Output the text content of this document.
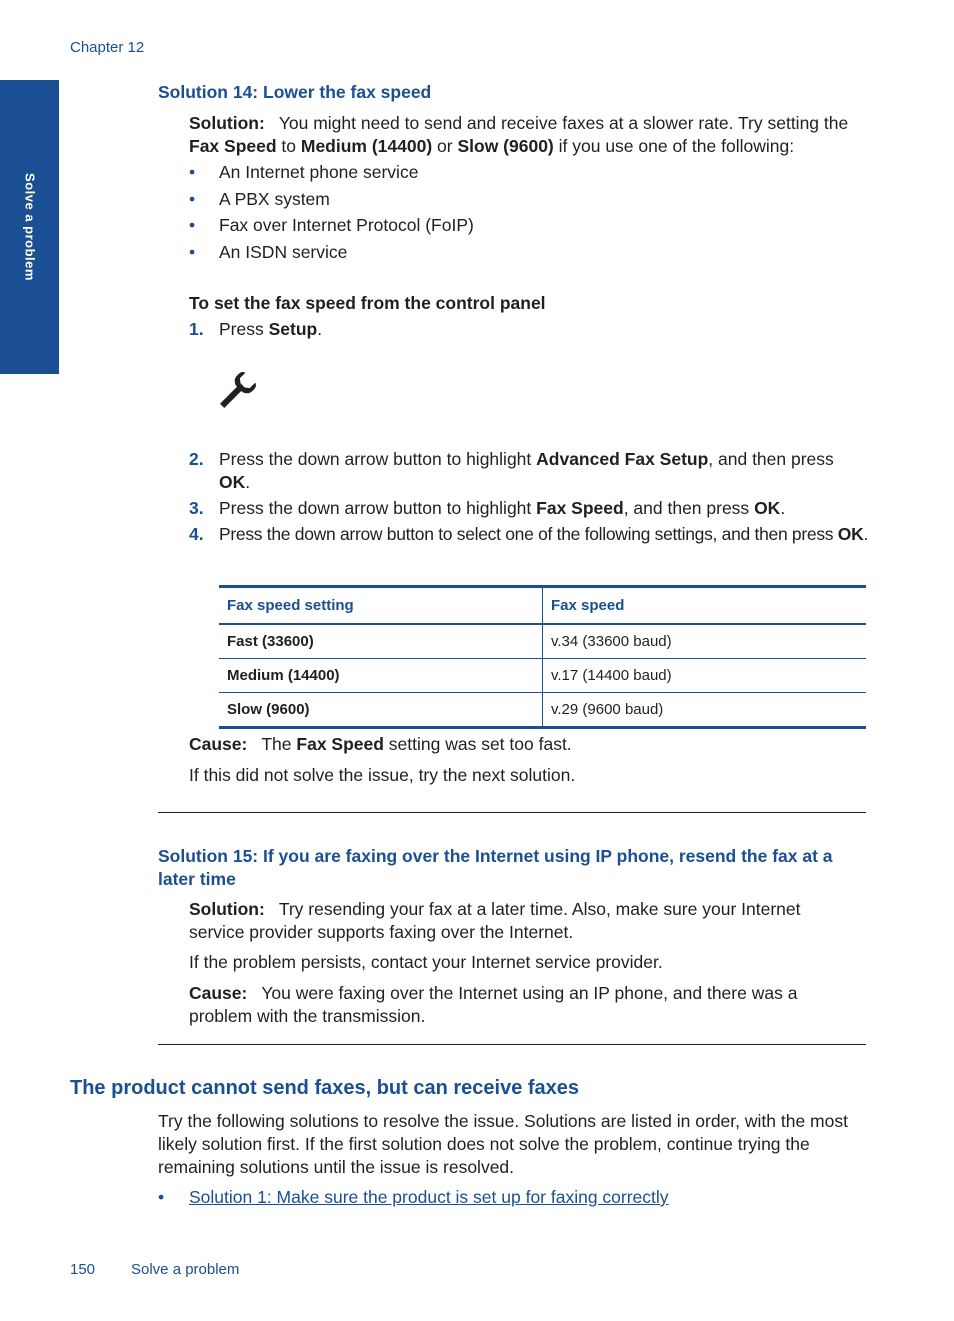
Chapter 12
Solve a problem
Solution 14: Lower the fax speed

Solution: You might need to send and receive faxes at a slower rate. Try setting the Fax Speed to Medium (14400) or Slow (9600) if you use one of the following:

• An Internet phone service
• A PBX system
• Fax over Internet Protocol (FoIP)
• An ISDN service

To set the fax speed from the control panel

1. Press Setup.
2. Press the down arrow button to highlight Advanced Fax Setup, and then press OK.
3. Press the down arrow button to highlight Fax Speed, and then press OK.
4. Press the down arrow button to select one of the following settings, and then press OK.
Fax speed setting	Fax speed
Fast (33600)	v.34 (33600 baud)
Medium (14400)	v.17 (14400 baud)
Slow (9600)	v.29 (9600 baud)

Cause: The Fax Speed setting was set too fast.

If this did not solve the issue, try the next solution.

Solution 15: If you are faxing over the Internet using IP phone, resend the fax at a
later time

Solution: Try resending your fax at a later time. Also, make sure your Internet service provider supports faxing over the Internet.

If the problem persists, contact your Internet service provider.

Cause: You were faxing over the Internet using an IP phone, and there was a problem with the transmission.

The product cannot send faxes, but can receive faxes

Try the following solutions to resolve the issue. Solutions are listed in order, with the most likely solution first. If the first solution does not solve the problem, continue trying the remaining solutions until the issue is resolved.

• Solution 1: Make sure the product is set up for faxing correctly
150 Solve a problem
